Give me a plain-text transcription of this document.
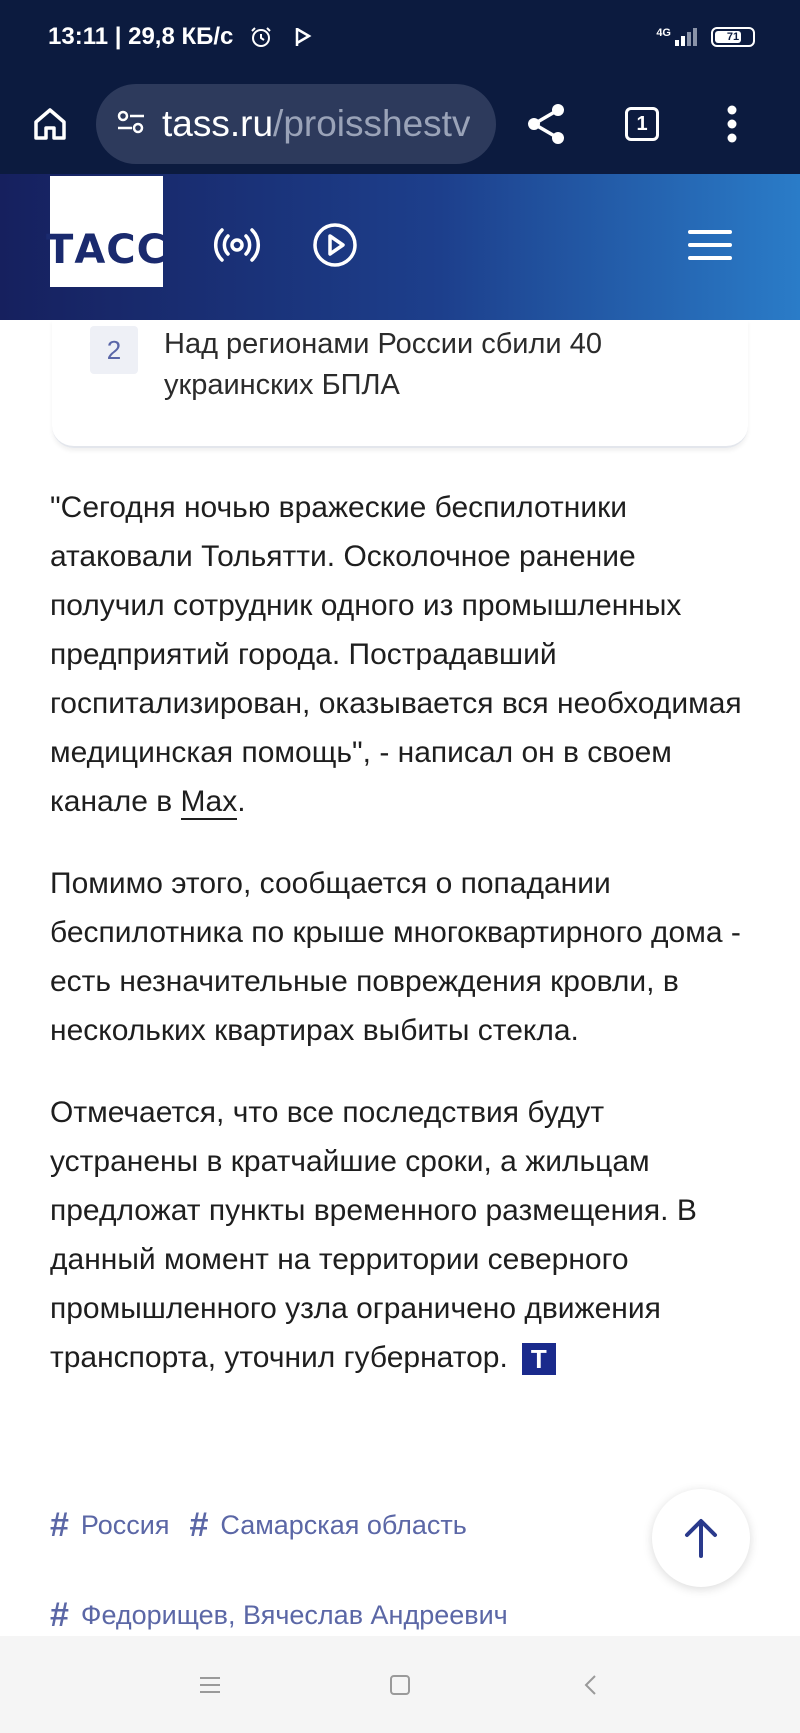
13:11 | 29,8 КБ/с	4G	71
tass.ru/proisshestv	1
ТАСС
2	Над регионами России сбили 40 украинских БПЛА

"Сегодня ночью вражеские беспилотники атаковали Тольятти. Осколочное ранение получил сотрудник одного из промышленных предприятий города. Пострадавший госпитализирован, оказывается вся необходимая медицинская помощь", - написал он в своем канале в Max.

Помимо этого, сообщается о попадании беспилотника по крыше многоквартирного дома - есть незначительные повреждения кровли, в нескольких квартирах выбиты стекла.

Отмечается, что все последствия будут устранены в кратчайшие сроки, а жильцам предложат пункты временного размещения. В данный момент на территории северного промышленного узла ограничено движения транспорта, уточнил губернатор. Т

# Россия # Самарская область
# Федорищев, Вячеслав Андреевич
